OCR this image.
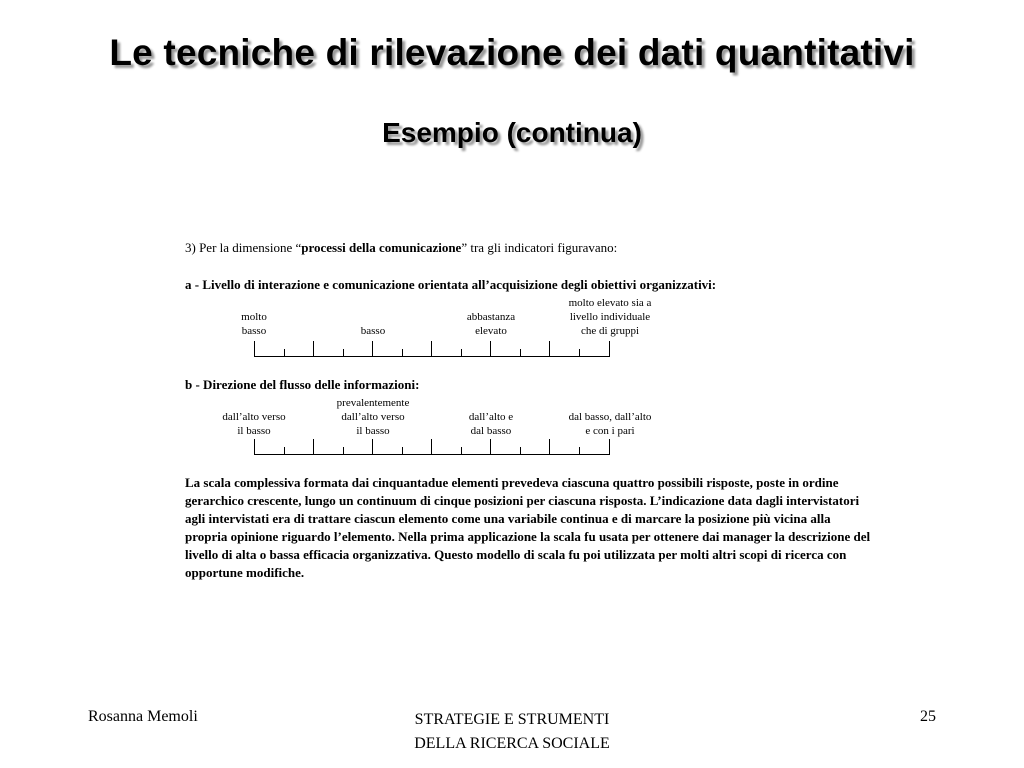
Le tecniche di rilevazione dei dati quantitativi
Esempio (continua)
3) Per la dimensione “processi della comunicazione” tra gli indicatori figuravano:
a - Livello di interazione e comunicazione orientata all’acquisizione degli obiettivi organizzativi:
molto
basso	basso
abbastanza
elevato
molto elevato sia a
livello individuale
che di gruppi
b - Direzione del flusso delle informazioni:
dall’alto verso
il basso
prevalentemente
dall’alto verso
il basso
dall’alto e
dal basso
dal basso, dall’alto
e con i pari
La scala complessiva formata dai cinquantadue elementi prevedeva ciascuna quattro possibili risposte, poste in ordine gerarchico crescente, lungo un continuum di cinque posizioni per ciascuna risposta. L’indicazione data dagli intervistatori agli intervistati era di trattare ciascun elemento come una variabile continua e di marcare la posizione più vicina alla propria opinione riguardo l’elemento. Nella prima applicazione la scala fu usata per ottenere dai manager la descrizione del livello di alta o bassa efficacia organizzativa. Questo modello di scala fu poi utilizzata per molti altri scopi di ricerca con opportune modifiche.
Rosanna Memoli	STRATEGIE E STRUMENTI
DELLA RICERCA SOCIALE
25
